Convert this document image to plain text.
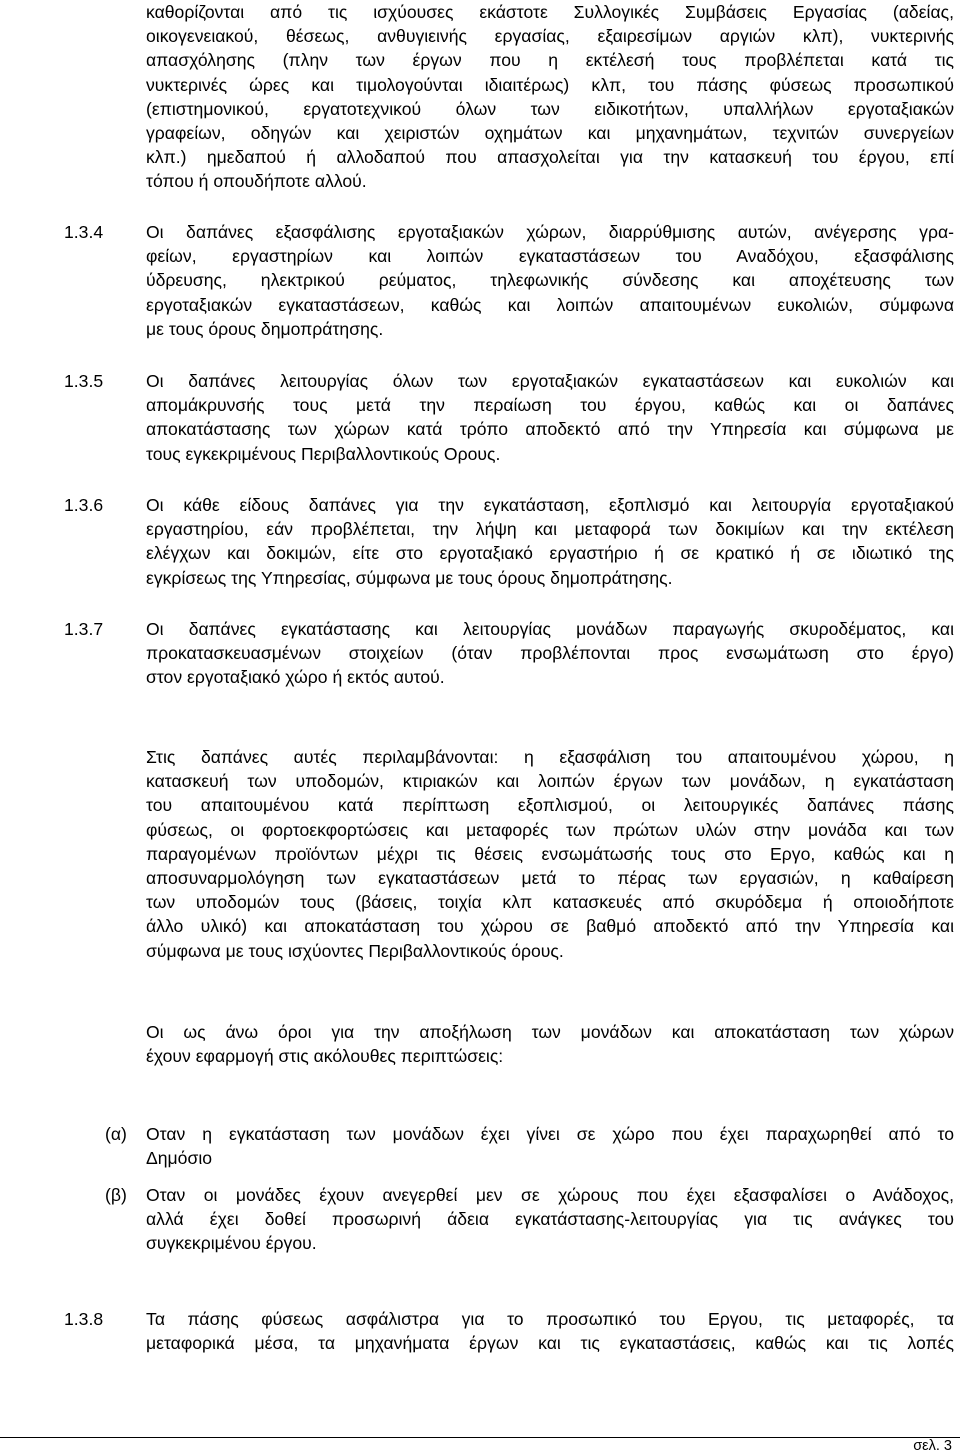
καθορίζονται από τις ισχύουσες εκάστοτε Συλλογικές Συμβάσεις Εργασίας (αδείας,
οικογενειακού, θέσεως, ανθυγιεινής εργασίας, εξαιρεσίμων αργιών κλπ), νυκτερινής
απασχόλησης (πλην των έργων που η εκτέλεσή τους προβλέπεται κατά τις
νυκτερινές ώρες και τιμολογούνται ιδιαιτέρως) κλπ, του πάσης φύσεως προσωπικού
(επιστημονικού, εργατοτεχνικού όλων των ειδικοτήτων, υπαλλήλων εργοταξιακών
γραφείων, οδηγών και χειριστών οχημάτων και μηχανημάτων, τεχνιτών συνεργείων
κλπ.) ημεδαπού ή αλλοδαπού που απασχολείται για την κατασκευή του έργου, επί
τόπου ή οπουδήποτε αλλού.
1.3.4	Οι δαπάνες εξασφάλισης εργοταξιακών χώρων, διαρρύθμισης αυτών, ανέγερσης γρα-
φείων, εργαστηρίων και λοιπών εγκαταστάσεων του Αναδόχου, εξασφάλισης
ύδρευσης, ηλεκτρικού ρεύματος, τηλεφωνικής σύνδεσης και αποχέτευσης των
εργοταξιακών εγκαταστάσεων, καθώς και λοιπών απαιτουμένων ευκολιών, σύμφωνα
με τους όρους δημοπράτησης.
1.3.5	Οι δαπάνες λειτουργίας όλων των εργοταξιακών εγκαταστάσεων και ευκολιών και
απομάκρυνσής τους μετά την περαίωση του έργου, καθώς και οι δαπάνες
αποκατάστασης των χώρων κατά τρόπο αποδεκτό από την Υπηρεσία και σύμφωνα με
τους εγκεκριμένους Περιβαλλοντικούς Ορους.
1.3.6	Οι κάθε είδους δαπάνες για την εγκατάσταση, εξοπλισμό και λειτουργία εργοταξιακού
εργαστηρίου, εάν προβλέπεται, την λήψη και μεταφορά των δοκιμίων και την εκτέλεση
ελέγχων και δοκιμών, είτε στο εργοταξιακό εργαστήριο ή σε κρατικό ή σε ιδιωτικό της
εγκρίσεως της Υπηρεσίας, σύμφωνα με τους όρους δημοπράτησης.
1.3.7	Οι δαπάνες εγκατάστασης και λειτουργίας μονάδων παραγωγής σκυροδέματος, και
προκατασκευασμένων στοιχείων (όταν προβλέπονται προς ενσωμάτωση στο έργο)
στον εργοταξιακό χώρο ή εκτός αυτού.
Στις δαπάνες αυτές περιλαμβάνονται: η εξασφάλιση του απαιτουμένου χώρου, η
κατασκευή των υποδομών, κτιριακών και λοιπών έργων των μονάδων, η εγκατάσταση
του απαιτουμένου κατά περίπτωση εξοπλισμού, οι λειτουργικές δαπάνες πάσης
φύσεως, οι φορτοεκφορτώσεις και μεταφορές των πρώτων υλών στην μονάδα και των
παραγομένων προϊόντων μέχρι τις θέσεις ενσωμάτωσής τους στο Εργο, καθώς και η
αποσυναρμολόγηση των εγκαταστάσεων μετά το πέρας των εργασιών, η καθαίρεση
των υποδομών τους (βάσεις, τοιχία κλπ κατασκευές από σκυρόδεμα ή οποιοδήποτε
άλλο υλικό) και αποκατάσταση του χώρου σε βαθμό αποδεκτό από την Υπηρεσία και
σύμφωνα με τους ισχύοντες Περιβαλλοντικούς όρους.
Οι ως άνω όροι για την αποξήλωση των μονάδων και αποκατάσταση των χώρων
έχουν εφαρμογή στις ακόλουθες περιπτώσεις:
(α) Οταν η εγκατάσταση των μονάδων έχει γίνει σε χώρο που έχει παραχωρηθεί από το
Δημόσιο
(β) Οταν οι μονάδες έχουν ανεγερθεί μεν σε χώρους που έχει εξασφαλίσει ο Ανάδοχος,
αλλά έχει δοθεί προσωρινή άδεια εγκατάστασης-λειτουργίας για τις ανάγκες του
συγκεκριμένου έργου.
1.3.8	Τα πάσης φύσεως ασφάλιστρα για το προσωπικό του Εργου, τις μεταφορές, τα
μεταφορικά μέσα, τα μηχανήματα έργων και τις εγκαταστάσεις, καθώς και τις λοπές
σελ. 3
